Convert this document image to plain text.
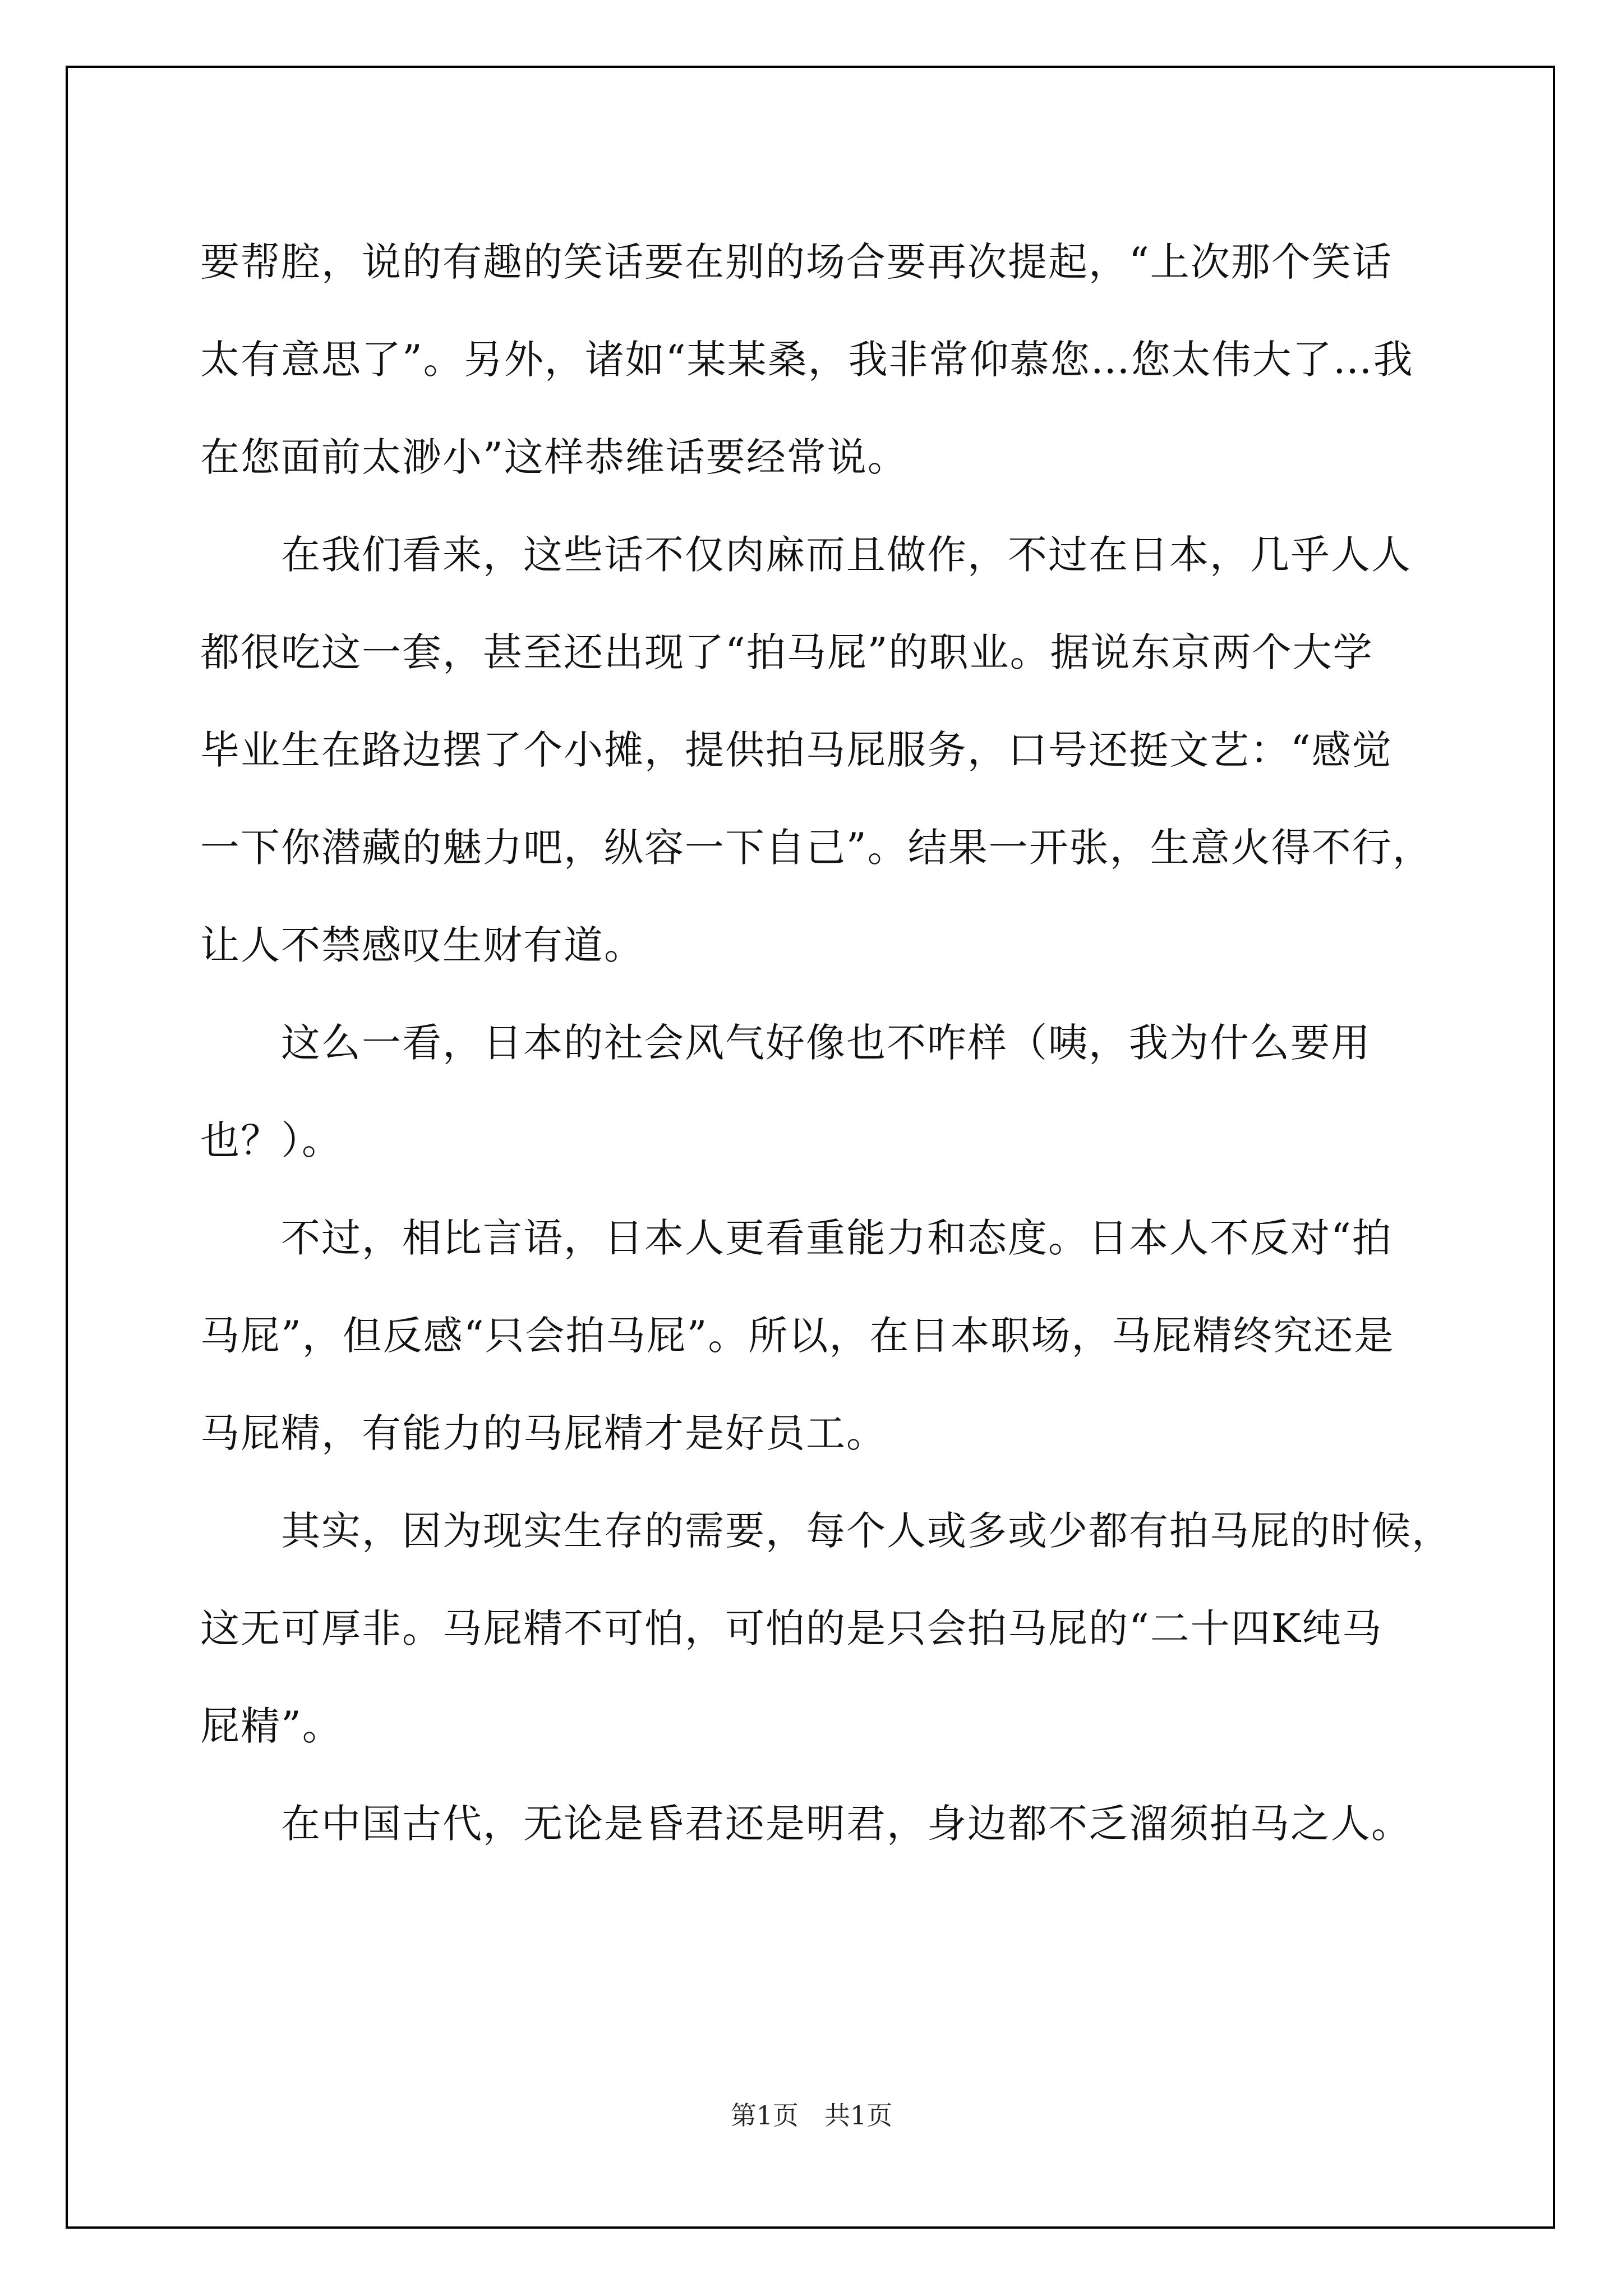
要帮腔，说的有趣的笑话要在别的场合要再次提起，“上次那个笑话
太有意思了”。另外，诸如“某某桑，我非常仰慕您…您太伟大了…我
在您面前太渺小”这样恭维话要经常说。
　　在我们看来，这些话不仅肉麻而且做作，不过在日本，几乎人人
都很吃这一套，甚至还出现了“拍马屁”的职业。据说东京两个大学
毕业生在路边摆了个小摊，提供拍马屁服务，口号还挺文艺：“感觉
一下你潜藏的魅力吧，纵容一下自己”。结果一开张，生意火得不行，
让人不禁感叹生财有道。
　　这么一看，日本的社会风气好像也不咋样（咦，我为什么要用
也？）。
　　不过，相比言语，日本人更看重能力和态度。日本人不反对“拍
马屁”，但反感“只会拍马屁”。所以，在日本职场，马屁精终究还是
马屁精，有能力的马屁精才是好员工。
　　其实，因为现实生存的需要，每个人或多或少都有拍马屁的时候，
这无可厚非。马屁精不可怕，可怕的是只会拍马屁的“二十四K纯马
屁精”。
　　在中国古代，无论是昏君还是明君，身边都不乏溜须拍马之人。
第1页　共1页
